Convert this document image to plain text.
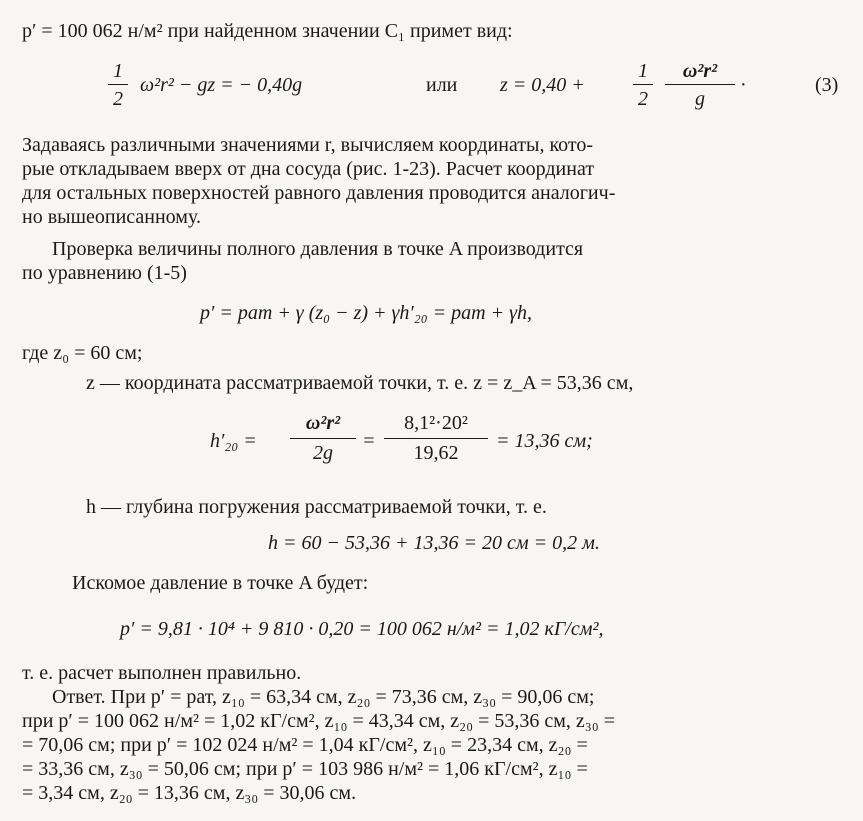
p′ = 100 062 н/м² при найденном значении C₁ примет вид:
1
2
ω²r² − gz = − 0,40g	или z = 0,40 +
1
2
ω²r²
g
·	(3)
Задаваясь различными значениями r, вычисляем координаты, кото-
рые откладываем вверх от дна сосуда (рис. 1-23). Расчет координат
для остальных поверхностей равного давления проводится аналогич-
но вышеописанному.
Проверка величины полного давления в точке A производится
по уравнению (1-5)
p′ = pат + γ (z₀ − z) + γh′₂₀ = pат + γh,
где z₀ = 60 см;
z — координата рассматриваемой точки, т. е. z = z_A = 53,36 см,
h′₂₀ =
ω²r²
2g
=
8,1²·20²
19,62
= 13,36 см;
h — глубина погружения рассматриваемой точки, т. е.
h = 60 − 53,36 + 13,36 = 20 см = 0,2 м.
Искомое давление в точке A будет:
p′ = 9,81 · 10⁴ + 9 810 · 0,20 = 100 062 н/м² = 1,02 кГ/см²,
т. е. расчет выполнен правильно.
Ответ. При p′ = pат, z₁₀ = 63,34 см, z₂₀ = 73,36 см, z₃₀ = 90,06 см;
при p′ = 100 062 н/м² = 1,02 кГ/см², z₁₀ = 43,34 см, z₂₀ = 53,36 см, z₃₀ =
= 70,06 см; при p′ = 102 024 н/м² = 1,04 кГ/см², z₁₀ = 23,34 см, z₂₀ =
= 33,36 см, z₃₀ = 50,06 см; при p′ = 103 986 н/м² = 1,06 кГ/см², z₁₀ =
= 3,34 см, z₂₀ = 13,36 см, z₃₀ = 30,06 см.
